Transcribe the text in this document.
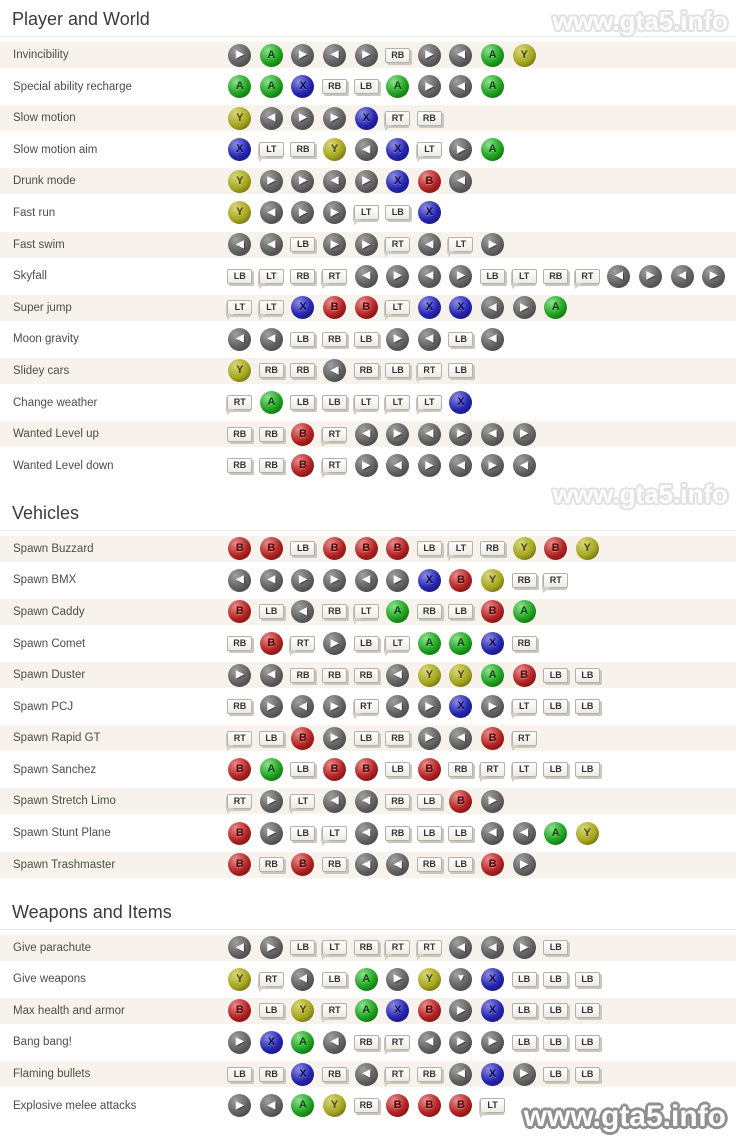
Player and World
Invincibility	▶	A	▶	◀	▶	RB	▶	◀	A	Y
Special ability recharge	A	A	X	RB	LB	A	▶	◀	A
Slow motion	Y	◀	▶	▶	X	RT	RB
Slow motion aim	X	LT	RB	Y	◀	X	LT	▶	A
Drunk mode	Y	▶	▶	◀	▶	X	B	◀
Fast run	Y	◀	▶	▶	LT	LB	X
Fast swim	◀	◀	LB	▶	▶	RT	◀	LT	▶
Skyfall	LB	LT	RB	RT	◀	▶	◀	▶	LB	LT	RB	RT	◀	▶	◀	▶
Super jump	LT	LT	X	B	B	LT	X	X	◀	▶	A
Moon gravity	◀	◀	LB	RB	LB	▶	◀	LB	◀
Slidey cars	Y	RB	RB	◀	RB	LB	RT	LB
Change weather	RT	A	LB	LB	LT	LT	LT	X
Wanted Level up	RB	RB	B	RT	◀	▶	◀	▶	◀	▶
Wanted Level down	RB	RB	B	RT	▶	◀	▶	◀	▶	◀
Vehicles
Spawn Buzzard	B	B	LB	B	B	B	LB	LT	RB	Y	B	Y
Spawn BMX	◀	◀	▶	▶	◀	▶	X	B	Y	RB	RT
Spawn Caddy	B	LB	◀	RB	LT	A	RB	LB	B	A
Spawn Comet	RB	B	RT	▶	LB	LT	A	A	X	RB
Spawn Duster	▶	◀	RB	RB	RB	◀	Y	Y	A	B	LB	LB
Spawn PCJ	RB	▶	◀	▶	RT	◀	▶	X	▶	LT	LB	LB
Spawn Rapid GT	RT	LB	B	▶	LB	RB	▶	◀	B	RT
Spawn Sanchez	B	A	LB	B	B	LB	B	RB	RT	LT	LB	LB
Spawn Stretch Limo	RT	▶	LT	◀	◀	RB	LB	B	▶
Spawn Stunt Plane	B	▶	LB	LT	◀	RB	LB	LB	◀	◀	A	Y
Spawn Trashmaster	B	RB	B	RB	◀	◀	RB	LB	B	▶
Weapons and Items
Give parachute	◀	▶	LB	LT	RB	RT	RT	◀	◀	▶	LB
Give weapons	Y	RT	◀	LB	A	▶	Y	▼	X	LB	LB	LB
Max health and armor	B	LB	Y	RT	A	X	B	▶	X	LB	LB	LB
Bang bang!	▶	X	A	◀	RB	RT	◀	▶	▶	LB	LB	LB
Flaming bullets	LB	RB	X	RB	◀	RT	RB	◀	X	▶	LB	LB
Explosive melee attacks	▶	◀	A	Y	RB	B	B	B	LT
www.gta5.info
www.gta5.info
www.gta5.info
